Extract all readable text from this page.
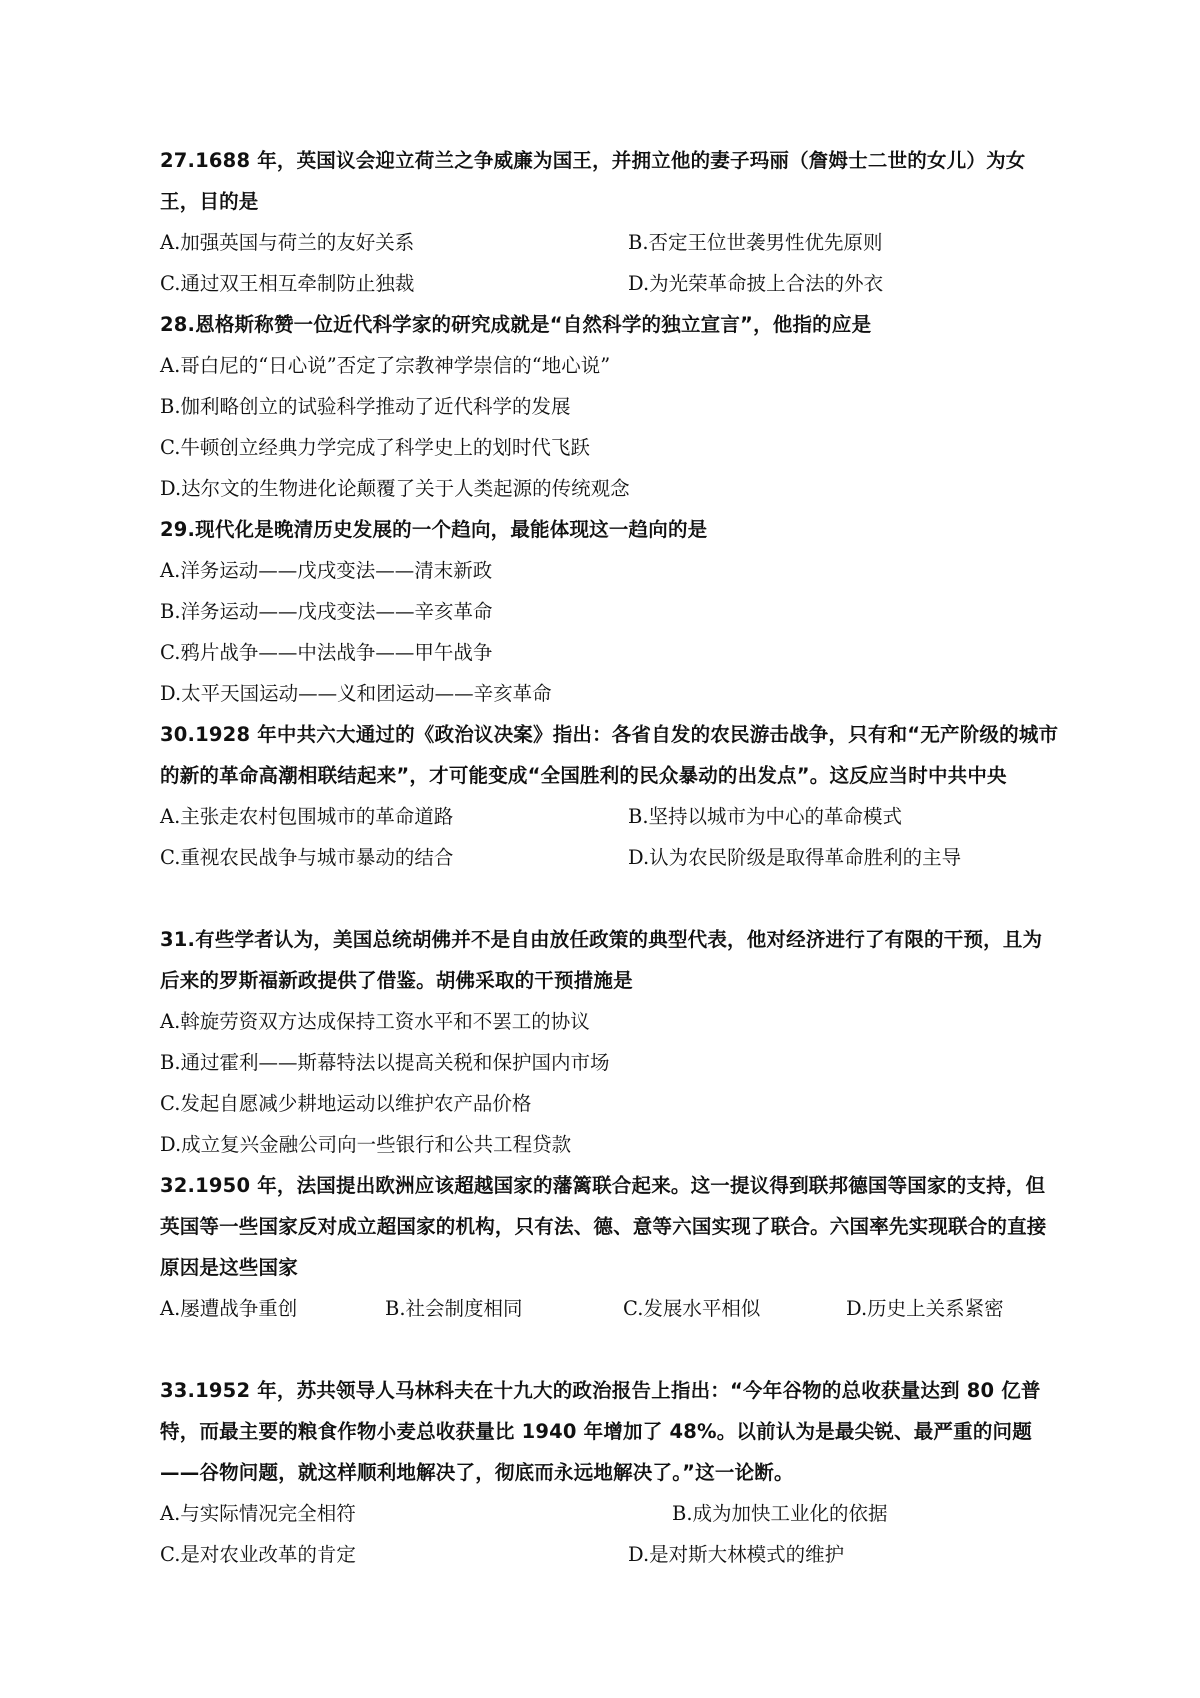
27.1688 年，英国议会迎立荷兰之争威廉为国王，并拥立他的妻子玛丽（詹姆士二世的女儿）为女王，目的是

A.加强英国与荷兰的友好关系	B.否定王位世袭男性优先原则

C.通过双王相互牵制防止独裁	D.为光荣革命披上合法的外衣

28.恩格斯称赞一位近代科学家的研究成就是“自然科学的独立宣言”，他指的应是

A.哥白尼的“日心说”否定了宗教神学崇信的“地心说”

B.伽利略创立的试验科学推动了近代科学的发展

C.牛顿创立经典力学完成了科学史上的划时代飞跃

D.达尔文的生物进化论颠覆了关于人类起源的传统观念

29.现代化是晚清历史发展的一个趋向，最能体现这一趋向的是

A.洋务运动——戊戌变法——清末新政

B.洋务运动——戊戌变法——辛亥革命

C.鸦片战争——中法战争——甲午战争

D.太平天国运动——义和团运动——辛亥革命

30.1928 年中共六大通过的《政治议决案》指出：各省自发的农民游击战争，只有和“无产阶级的城市的新的革命高潮相联结起来”，才可能变成“全国胜利的民众暴动的出发点”。这反应当时中共中央

A.主张走农村包围城市的革命道路	B.坚持以城市为中心的革命模式

C.重视农民战争与城市暴动的结合	D.认为农民阶级是取得革命胜利的主导

31.有些学者认为，美国总统胡佛并不是自由放任政策的典型代表，他对经济进行了有限的干预，且为后来的罗斯福新政提供了借鉴。胡佛采取的干预措施是

A.斡旋劳资双方达成保持工资水平和不罢工的协议

B.通过霍利——斯幕特法以提高关税和保护国内市场

C.发起自愿减少耕地运动以维护农产品价格

D.成立复兴金融公司向一些银行和公共工程贷款

32.1950 年，法国提出欧洲应该超越国家的藩篱联合起来。这一提议得到联邦德国等国家的支持，但英国等一些国家反对成立超国家的机构，只有法、德、意等六国实现了联合。六国率先实现联合的直接原因是这些国家

A.屡遭战争重创	B.社会制度相同	C.发展水平相似	D.历史上关系紧密

33.1952 年，苏共领导人马林科夫在十九大的政治报告上指出：“今年谷物的总收获量达到 80 亿普特，而最主要的粮食作物小麦总收获量比 1940 年增加了 48%。以前认为是最尖锐、最严重的问题——谷物问题，就这样顺利地解决了，彻底而永远地解决了。”这一论断。

A.与实际情况完全相符	B.成为加快工业化的依据

C.是对农业改革的肯定	D.是对斯大林模式的维护
